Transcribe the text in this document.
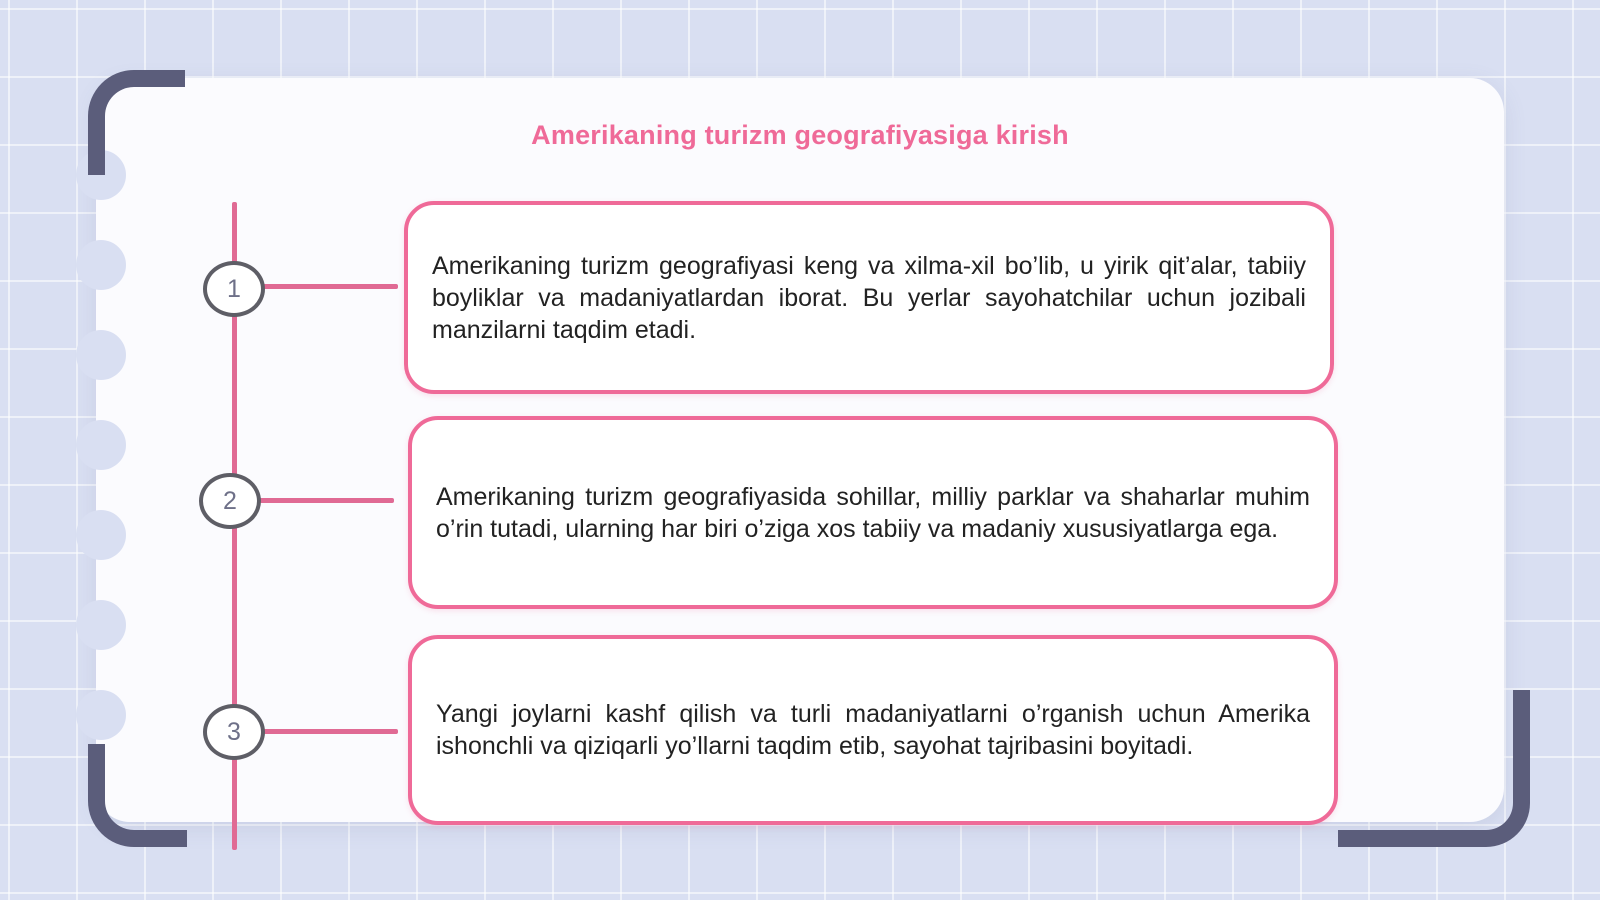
Amerikaning turizm geografiyasiga kirish
1

Amerikaning turizm geografiyasi keng va xilma-xil bo’lib, u yirik qit’alar, tabiiy boyliklar va madaniyatlardan iborat. Bu yerlar sayohatchilar uchun jozibali manzilarni taqdim etadi.

2	Amerikaning turizm geografiyasida sohillar, milliy parklar va shaharlar muhim o’rin tutadi, ularning har biri o’ziga xos tabiiy va madaniy xususiyatlarga ega.

3

Yangi joylarni kashf qilish va turli madaniyatlarni o’rganish uchun Amerika ishonchli va qiziqarli yo’llarni taqdim etib, sayohat tajribasini boyitadi.
